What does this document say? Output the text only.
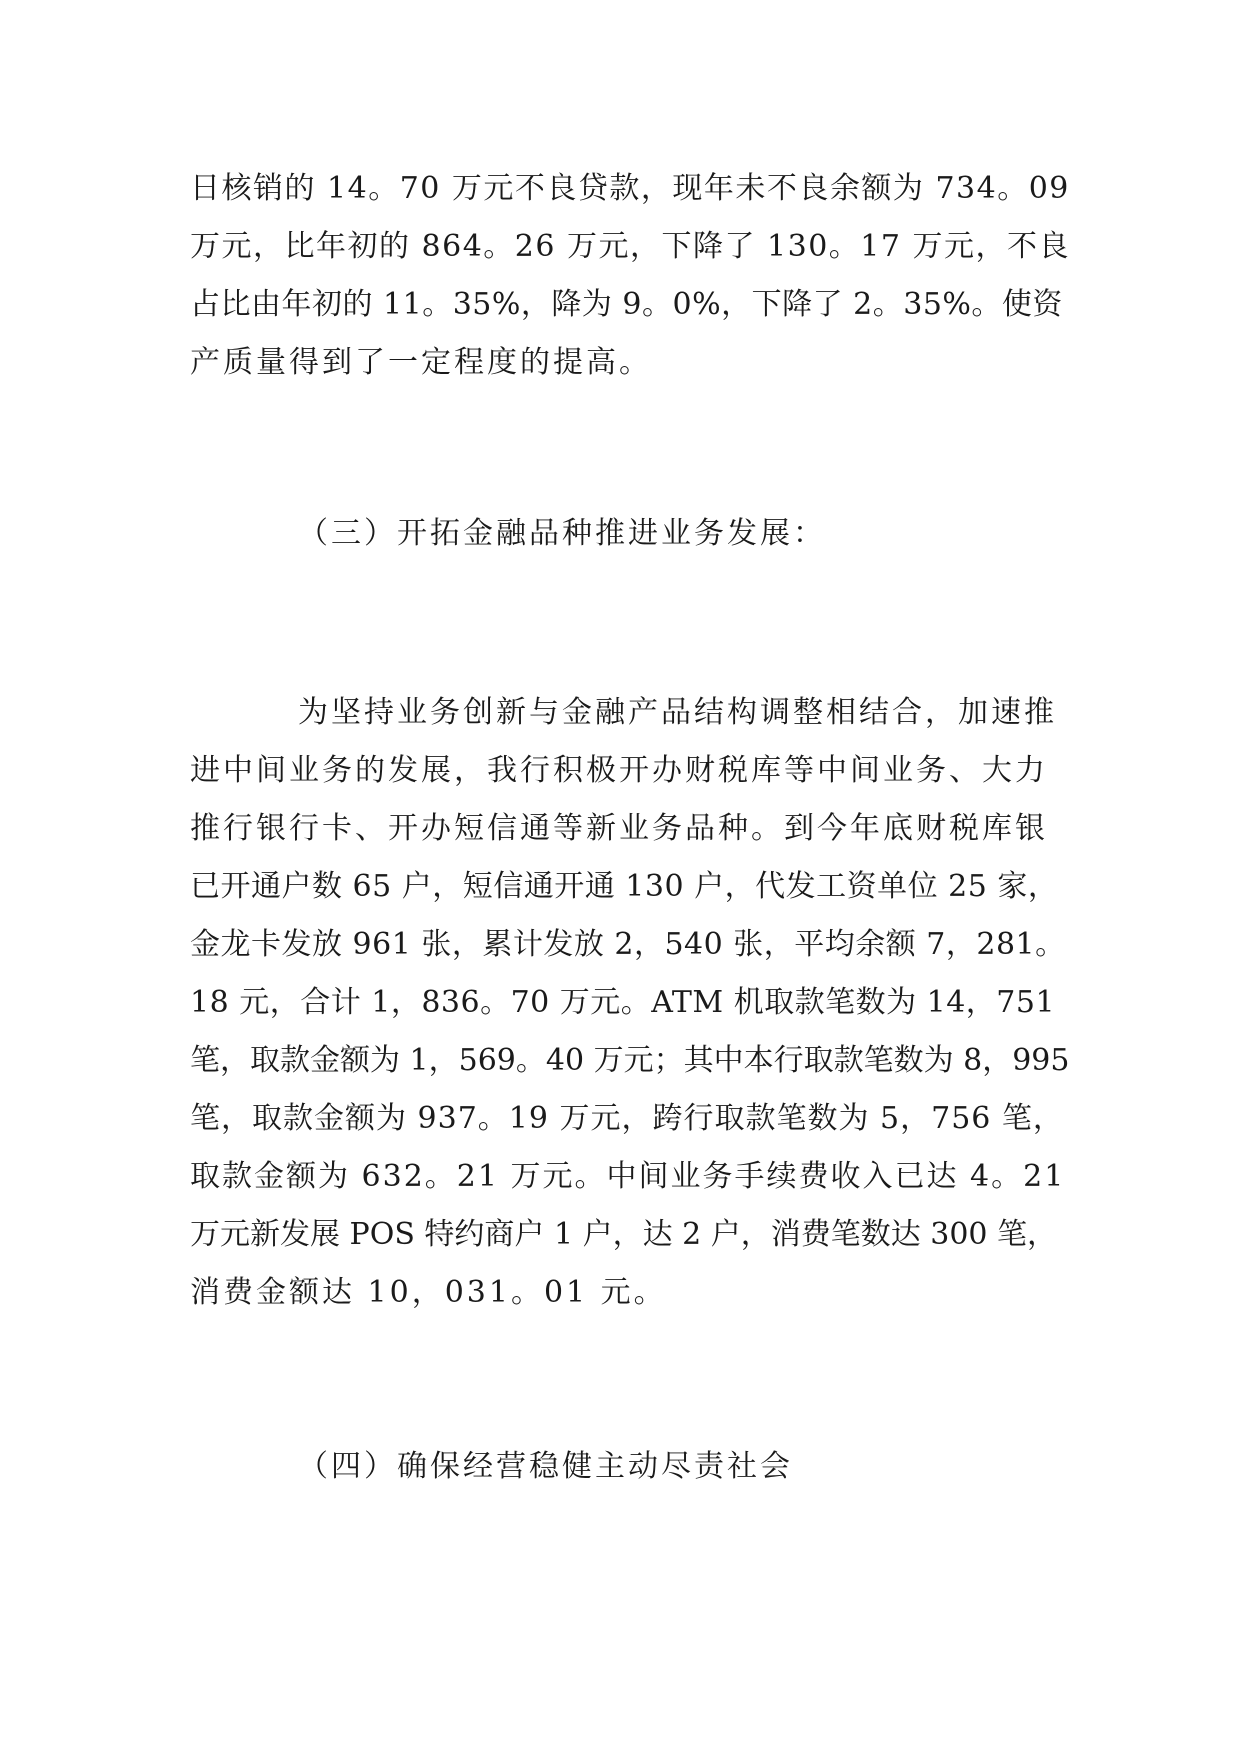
日核销的 14。70 万元不良贷款，现年未不良余额为 734。09
万元，比年初的 864。26 万元，下降了 130。17 万元，不良
占比由年初的 11。35%，降为 9。0%，下降了 2。35%。使资
产质量得到了一定程度的提高。
（三）开拓金融品种推进业务发展：
为坚持业务创新与金融产品结构调整相结合，加速推
进中间业务的发展，我行积极开办财税库等中间业务、大力
推行银行卡、开办短信通等新业务品种。到今年底财税库银
已开通户数 65 户，短信通开通 130 户，代发工资单位 25 家，
金龙卡发放 961 张，累计发放 2，540 张，平均余额 7，281。
18 元，合计 1，836。70 万元。ATM 机取款笔数为 14，751
笔，取款金额为 1，569。40 万元；其中本行取款笔数为 8，995
笔，取款金额为 937。19 万元，跨行取款笔数为 5，756 笔，
取款金额为 632。21 万元。中间业务手续费收入已达 4。21
万元新发展 POS 特约商户 1 户，达 2 户，消费笔数达 300 笔，
消费金额达 10，031。01 元。
（四）确保经营稳健主动尽责社会
